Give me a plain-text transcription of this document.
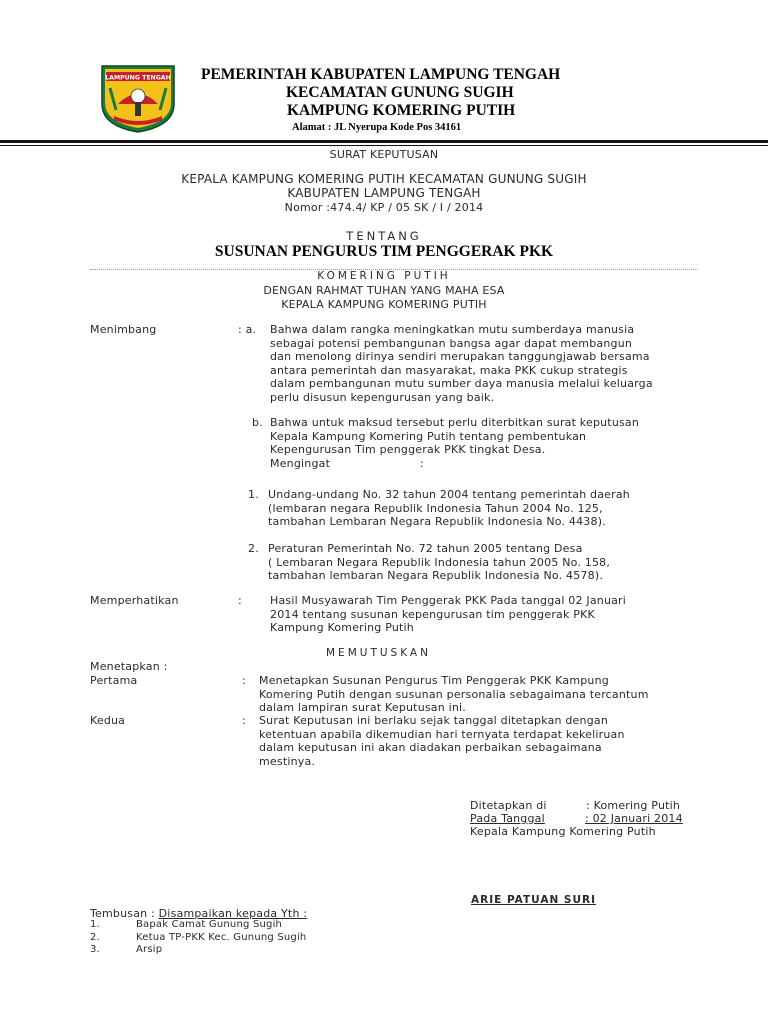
LAMPUNG TENGAH PEMERINTAH KABUPATEN LAMPUNG TENGAH
KECAMATAN GUNUNG SUGIH
KAMPUNG KOMERING PUTIH
Alamat : JL Nyerupa Kode Pos 34161
SURAT KEPUTUSAN
KEPALA KAMPUNG KOMERING PUTIH KECAMATAN GUNUNG SUGIH
KABUPATEN LAMPUNG TENGAH
Nomor :474.4/ KP / 05 SK / I / 2014
TENTANG
SUSUNAN PENGURUS TIM PENGGERAK PKK
KOMERING PUTIH
DENGAN RAHMAT TUHAN YANG MAHA ESA
KEPALA KAMPUNG KOMERING PUTIH
Menimbang	: a. Bahwa dalam rangka meningkatkan mutu sumberdaya manusia
sebagai potensi pembangunan bangsa agar dapat membangun
dan menolong dirinya sendiri merupakan tanggungjawab bersama
antara pemerintah dan masyarakat, maka PKK cukup strategis
dalam pembangunan mutu sumber daya manusia melalui keluarga
perlu disusun kepengurusan yang baik.
b. Bahwa untuk maksud tersebut perlu diterbitkan surat keputusan
Kepala Kampung Komering Putih tentang pembentukan
Kepengurusan Tim penggerak PKK tingkat Desa.
Mengingat	:
1. Undang-undang No. 32 tahun 2004 tentang pemerintah daerah
(lembaran negara Republik Indonesia Tahun 2004 No. 125,
tambahan Lembaran Negara Republik Indonesia No. 4438).
2. Peraturan Pemerintah No. 72 tahun 2005 tentang Desa
( Lembaran Negara Republik Indonesia tahun 2005 No. 158,
tambahan lembaran Negara Republik Indonesia No. 4578).
Memperhatikan	:	Hasil Musyawarah Tim Penggerak PKK Pada tanggal 02 Januari
2014 tentang susunan kepengurusan tim penggerak PKK
Kampung Komering Putih
MEMUTUSKAN
Menetapkan :
Pertama	: Menetapkan Susunan Pengurus Tim Penggerak PKK Kampung
Komering Putih dengan susunan personalia sebagaimana tercantum
dalam lampiran surat Keputusan ini.
Kedua	: Surat Keputusan ini berlaku sejak tanggal ditetapkan dengan
ketentuan apabila dikemudian hari ternyata terdapat kekeliruan
dalam keputusan ini akan diadakan perbaikan sebagaimana
mestinya.
Ditetapkan di	: Komering Putih
Pada Tanggal	: 02 Januari 2014
Kepala Kampung Komering Putih
ARIE PATUAN SURI
Tembusan : Disampaikan kepada Yth :
1.	Bapak Camat Gunung Sugih
2.	Ketua TP-PKK Kec. Gunung Sugih
3.	Arsip
